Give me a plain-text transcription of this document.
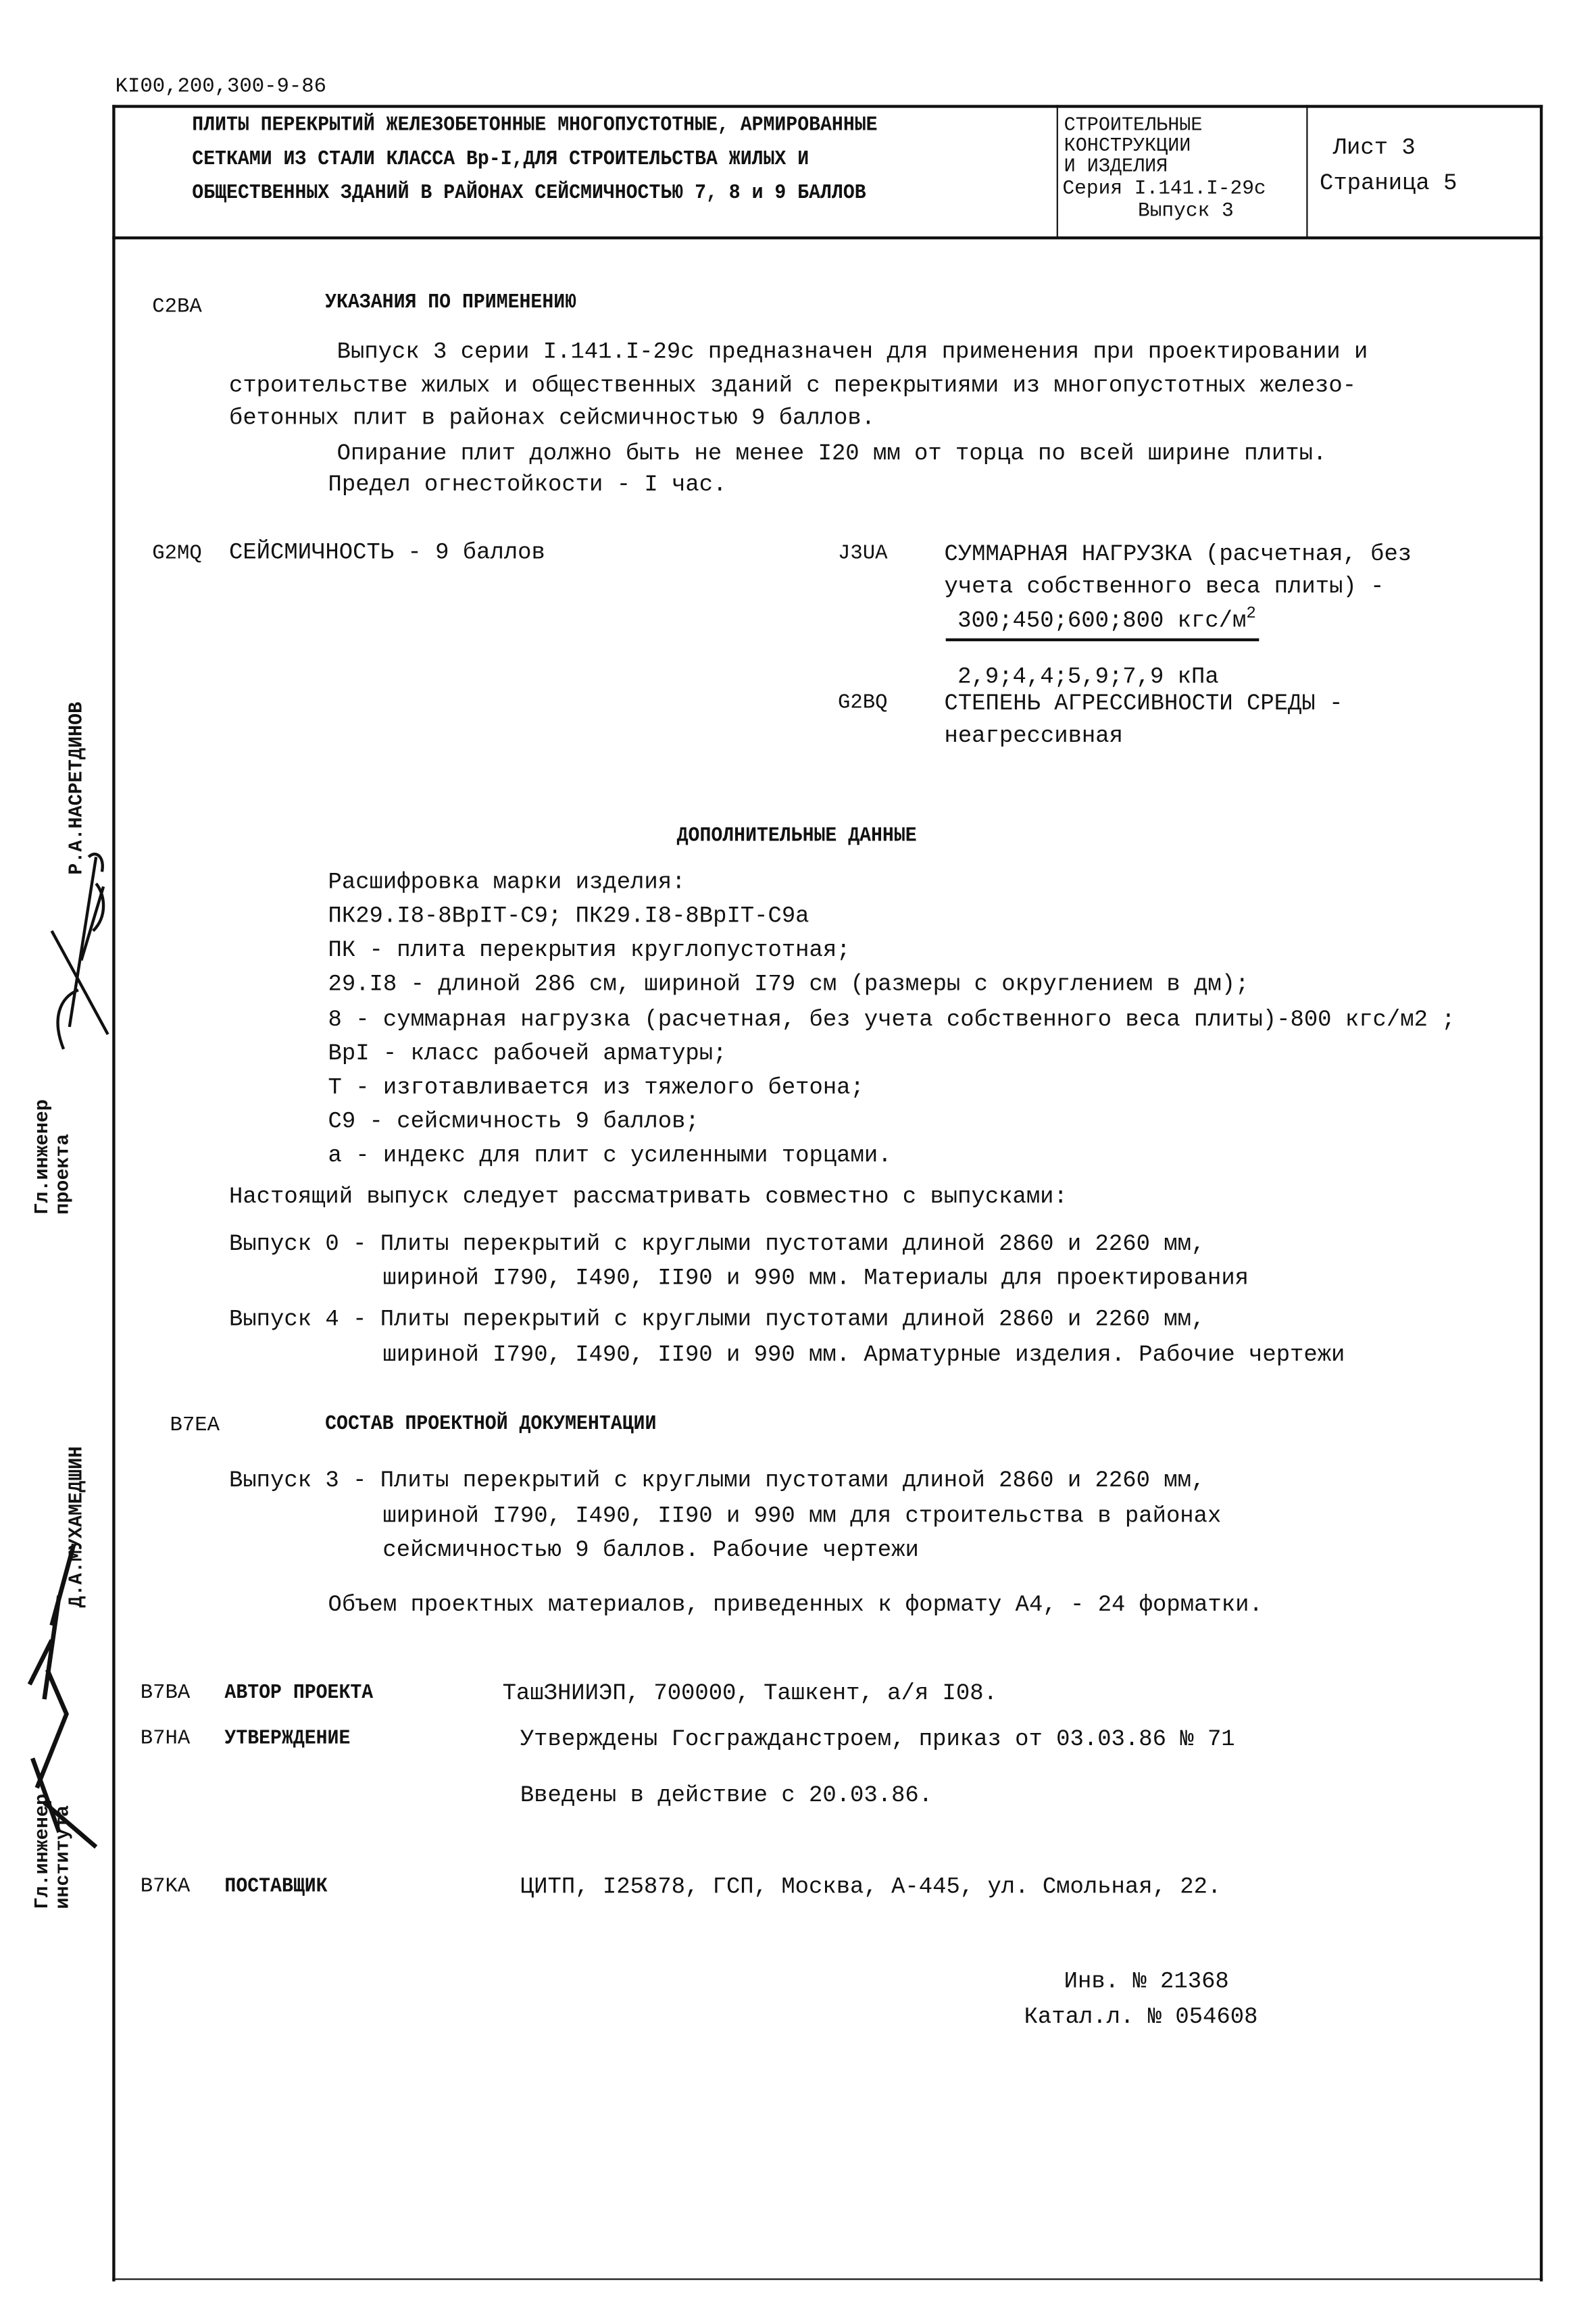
KI00,200,300-9-86
ПЛИТЫ ПЕРЕКРЫТИЙ ЖЕЛЕЗОБЕТОННЫЕ МНОГОПУСТОТНЫЕ, АРМИРОВАННЫЕ
СЕТКАМИ ИЗ СТАЛИ КЛАССА Вр-I,ДЛЯ СТРОИТЕЛЬСТВА ЖИЛЫХ И
ОБЩЕСТВЕННЫХ ЗДАНИЙ В РАЙОНАХ СЕЙСМИЧНОСТЬЮ 7, 8 и 9 БАЛЛОВ
СТРОИТЕЛЬНЫЕ
КОНСТРУКЦИИ
И ИЗДЕЛИЯ
Серия I.141.I-29с
Выпуск 3
Лист 3
Страница 5
C2BA	УКАЗАНИЯ ПО ПРИМЕНЕНИЮ
Выпуск 3 серии I.141.I-29с предназначен для применения при проектировании и
строительстве жилых и общественных зданий с перекрытиями из многопустотных железо-
бетонных плит в районах сейсмичностью 9 баллов.
Опирание плит должно быть не менее I20 мм от торца по всей ширине плиты.
Предел огнестойкости - I час.
G2MQ	СЕЙСМИЧНОСТЬ - 9 баллов	J3UA	СУММАРНАЯ НАГРУЗКА (расчетная, без
учета собственного веса плиты) -
300;450;600;800 кгс/$м^2$
2,9;4,4;5,9;7,9 кПа
G2BQ	СТЕПЕНЬ АГРЕССИВНОСТИ СРЕДЫ -
неагрессивная
ДОПОЛНИТЕЛЬНЫЕ ДАННЫЕ
Расшифровка марки изделия:
ПК29.I8-8ВрIТ-С9; ПК29.I8-8ВрIТ-С9а
ПК - плита перекрытия круглопустотная;
29.I8 - длиной 286 см, шириной I79 см (размеры с округлением в дм);
8 - суммарная нагрузка (расчетная, без учета собственного веса плиты)-800 кгс/м2 ;
ВрI - класс рабочей арматуры;
Т - изготавливается из тяжелого бетона;
С9 - сейсмичность 9 баллов;
а - индекс для плит с усиленными торцами.
Настоящий выпуск следует рассматривать совместно с выпусками:
Выпуск 0 - Плиты перекрытий с круглыми пустотами длиной 2860 и 2260 мм,
шириной I790, I490, II90 и 990 мм. Материалы для проектирования
Выпуск 4 - Плиты перекрытий с круглыми пустотами длиной 2860 и 2260 мм,
шириной I790, I490, II90 и 990 мм. Арматурные изделия. Рабочие чертежи
B7EA	СОСТАВ ПРОЕКТНОЙ ДОКУМЕНТАЦИИ
Выпуск 3 - Плиты перекрытий с круглыми пустотами длиной 2860 и 2260 мм,
шириной I790, I490, II90 и 990 мм для строительства в районах
сейсмичностью 9 баллов. Рабочие чертежи
Объем проектных материалов, приведенных к формату А4, - 24 форматки.
B7BA	АВТОР ПРОЕКТА	ТашЗНИИЭП, 700000, Ташкент, а/я I08.
B7HA	УТВЕРЖДЕНИЕ	Утверждены Госгражданстроем, приказ от 03.03.86 № 71
Введены в действие с 20.03.86.
B7KA	ПОСТАВЩИК	ЦИТП, I25878, ГСП, Москва, А-445, ул. Смольная, 22.
Инв. № 21368
Катал.л. № 054608
Р.А.НАСРЕТДИНОВ
Гл.инженер
проекта
Д.А.МУХАМЕДШИН
Гл.инженер
института
